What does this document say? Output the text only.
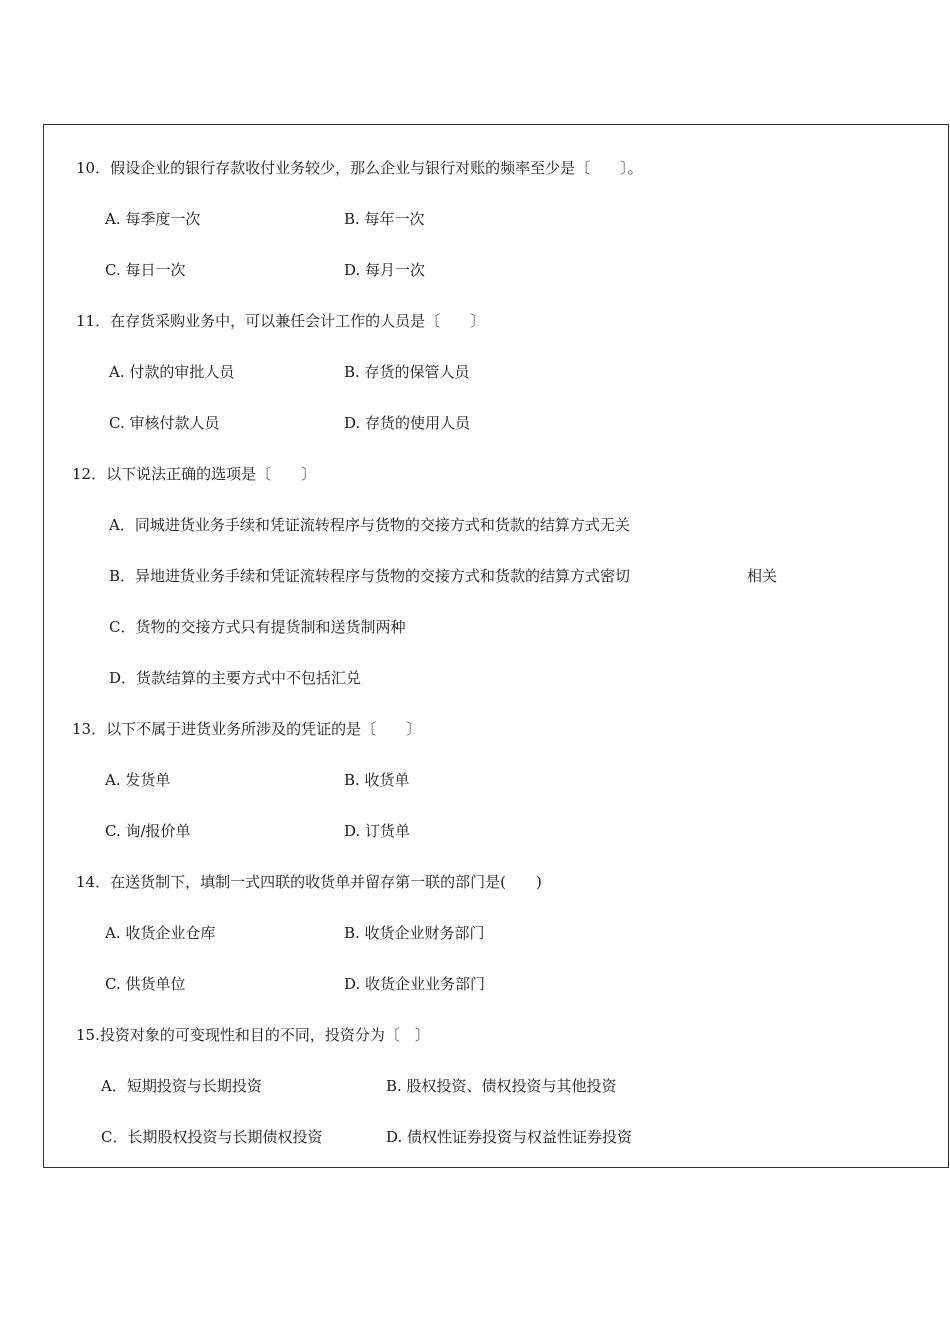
10．假设企业的银行存款收付业务较少，那么企业与银行对账的频率至少是〔　　〕。
A. 每季度一次	B. 每年一次
C. 每日一次	D. 每月一次
11．在存货采购业务中，可以兼任会计工作的人员是〔　　〕
A. 付款的审批人员	B. 存货的保管人员
C. 审核付款人员	D. 存货的使用人员
12．以下说法正确的选项是〔　　〕
A．同城进货业务手续和凭证流转程序与货物的交接方式和货款的结算方式无关
B．异地进货业务手续和凭证流转程序与货物的交接方式和货款的结算方式密切	相关
C．货物的交接方式只有提货制和送货制两种
D．货款结算的主要方式中不包括汇兑
13．以下不属于进货业务所涉及的凭证的是〔　　〕
A. 发货单	B. 收货单
C. 询/报价单	D. 订货单
14．在送货制下，填制一式四联的收货单并留存第一联的部门是(　　)
A. 收货企业仓库	B. 收货企业财务部门
C. 供货单位	D. 收货企业业务部门
15.投资对象的可变现性和目的不同，投资分为〔　〕
A．短期投资与长期投资	B. 股权投资、债权投资与其他投资
C．长期股权投资与长期债权投资	D. 债权性证券投资与权益性证券投资
